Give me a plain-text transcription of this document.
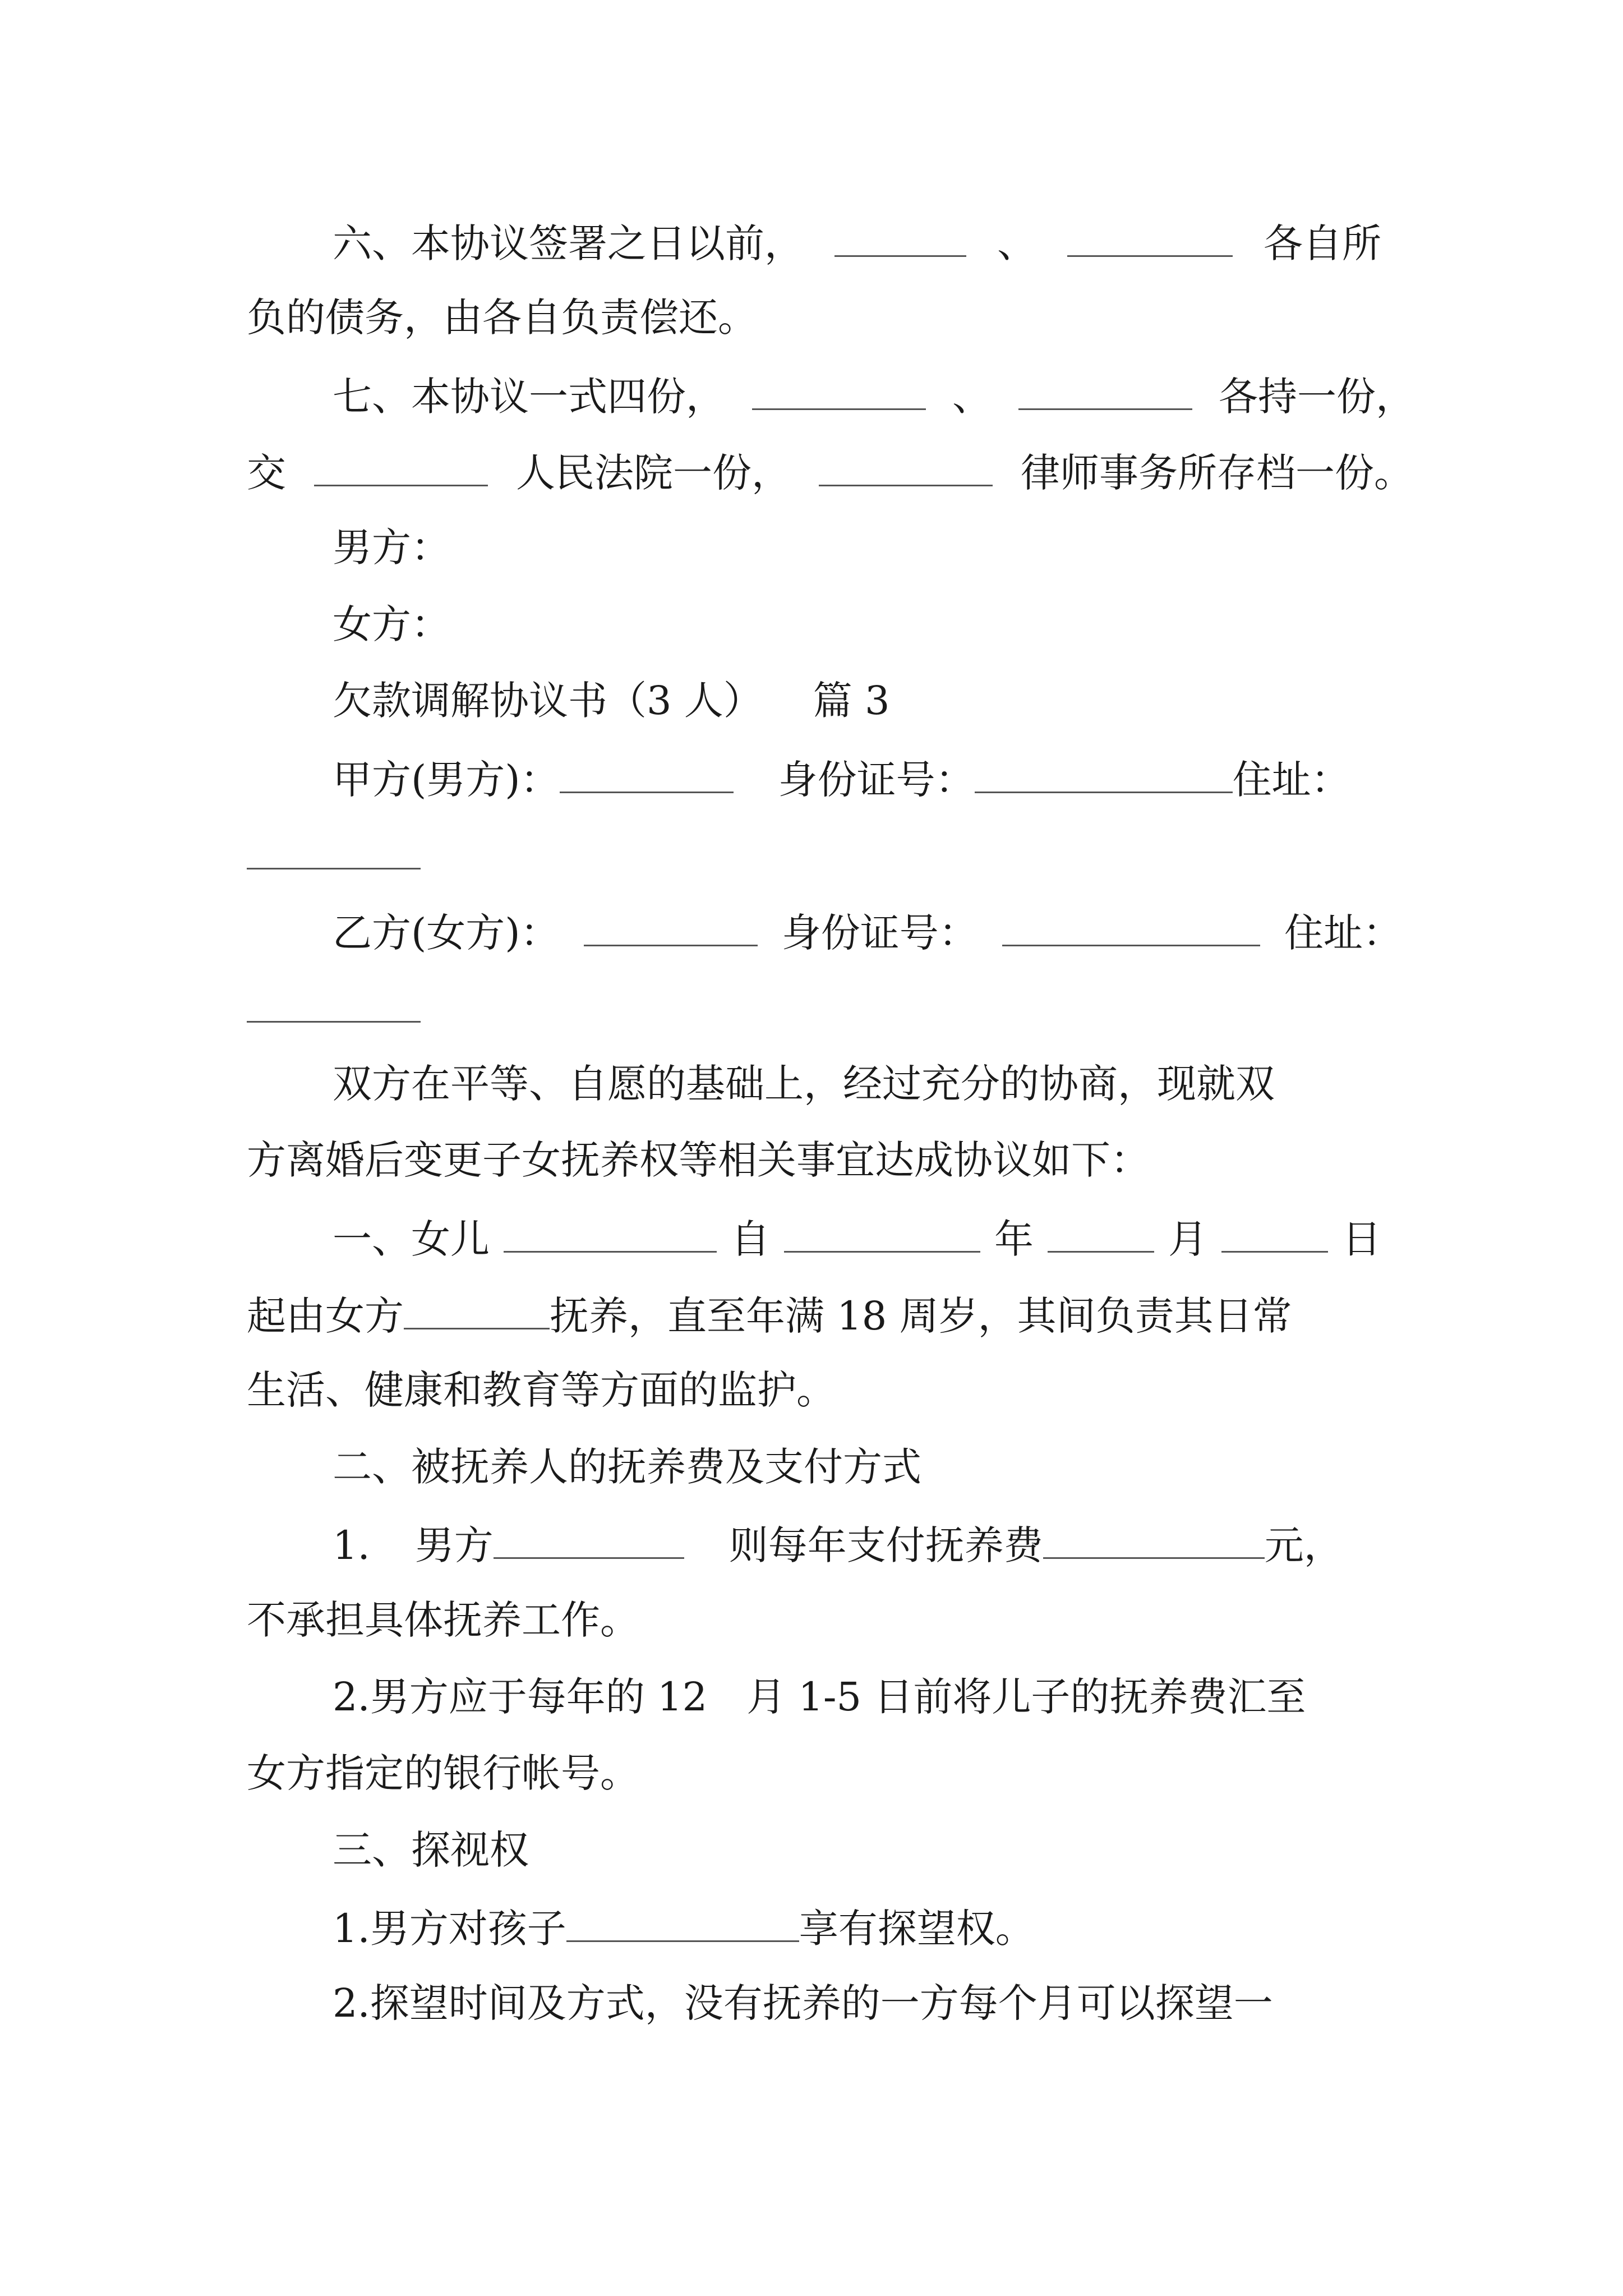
六、本协议签署之日以前，	、	各自所
负的债务，由各自负责偿还。
七、本协议一式四份，	、	各持一份，
交	人民法院一份，	律师事务所存档一份。
男方：
女方：
欠款调解协议书（3 人） 篇 3
甲方(男方)：	身份证号：	住址：
乙方(女方)：	身份证号：	住址：
双方在平等、自愿的基础上，经过充分的协商，现就双
方离婚后变更子女抚养权等相关事宜达成协议如下：
一、女儿	自	年	月	日
起由女方	抚养，直至年满 18 周岁，其间负责其日常
生活、健康和教育等方面的监护。
二、被抚养人的抚养费及支付方式
1. 男方	则每年支付抚养费	元，
不承担具体抚养工作。
2.男方应于每年的 12　月 1-5 日前将儿子的抚养费汇至
女方指定的银行帐号。
三、探视权
1.男方对孩子	享有探望权。
2.探望时间及方式，没有抚养的一方每个月可以探望一
